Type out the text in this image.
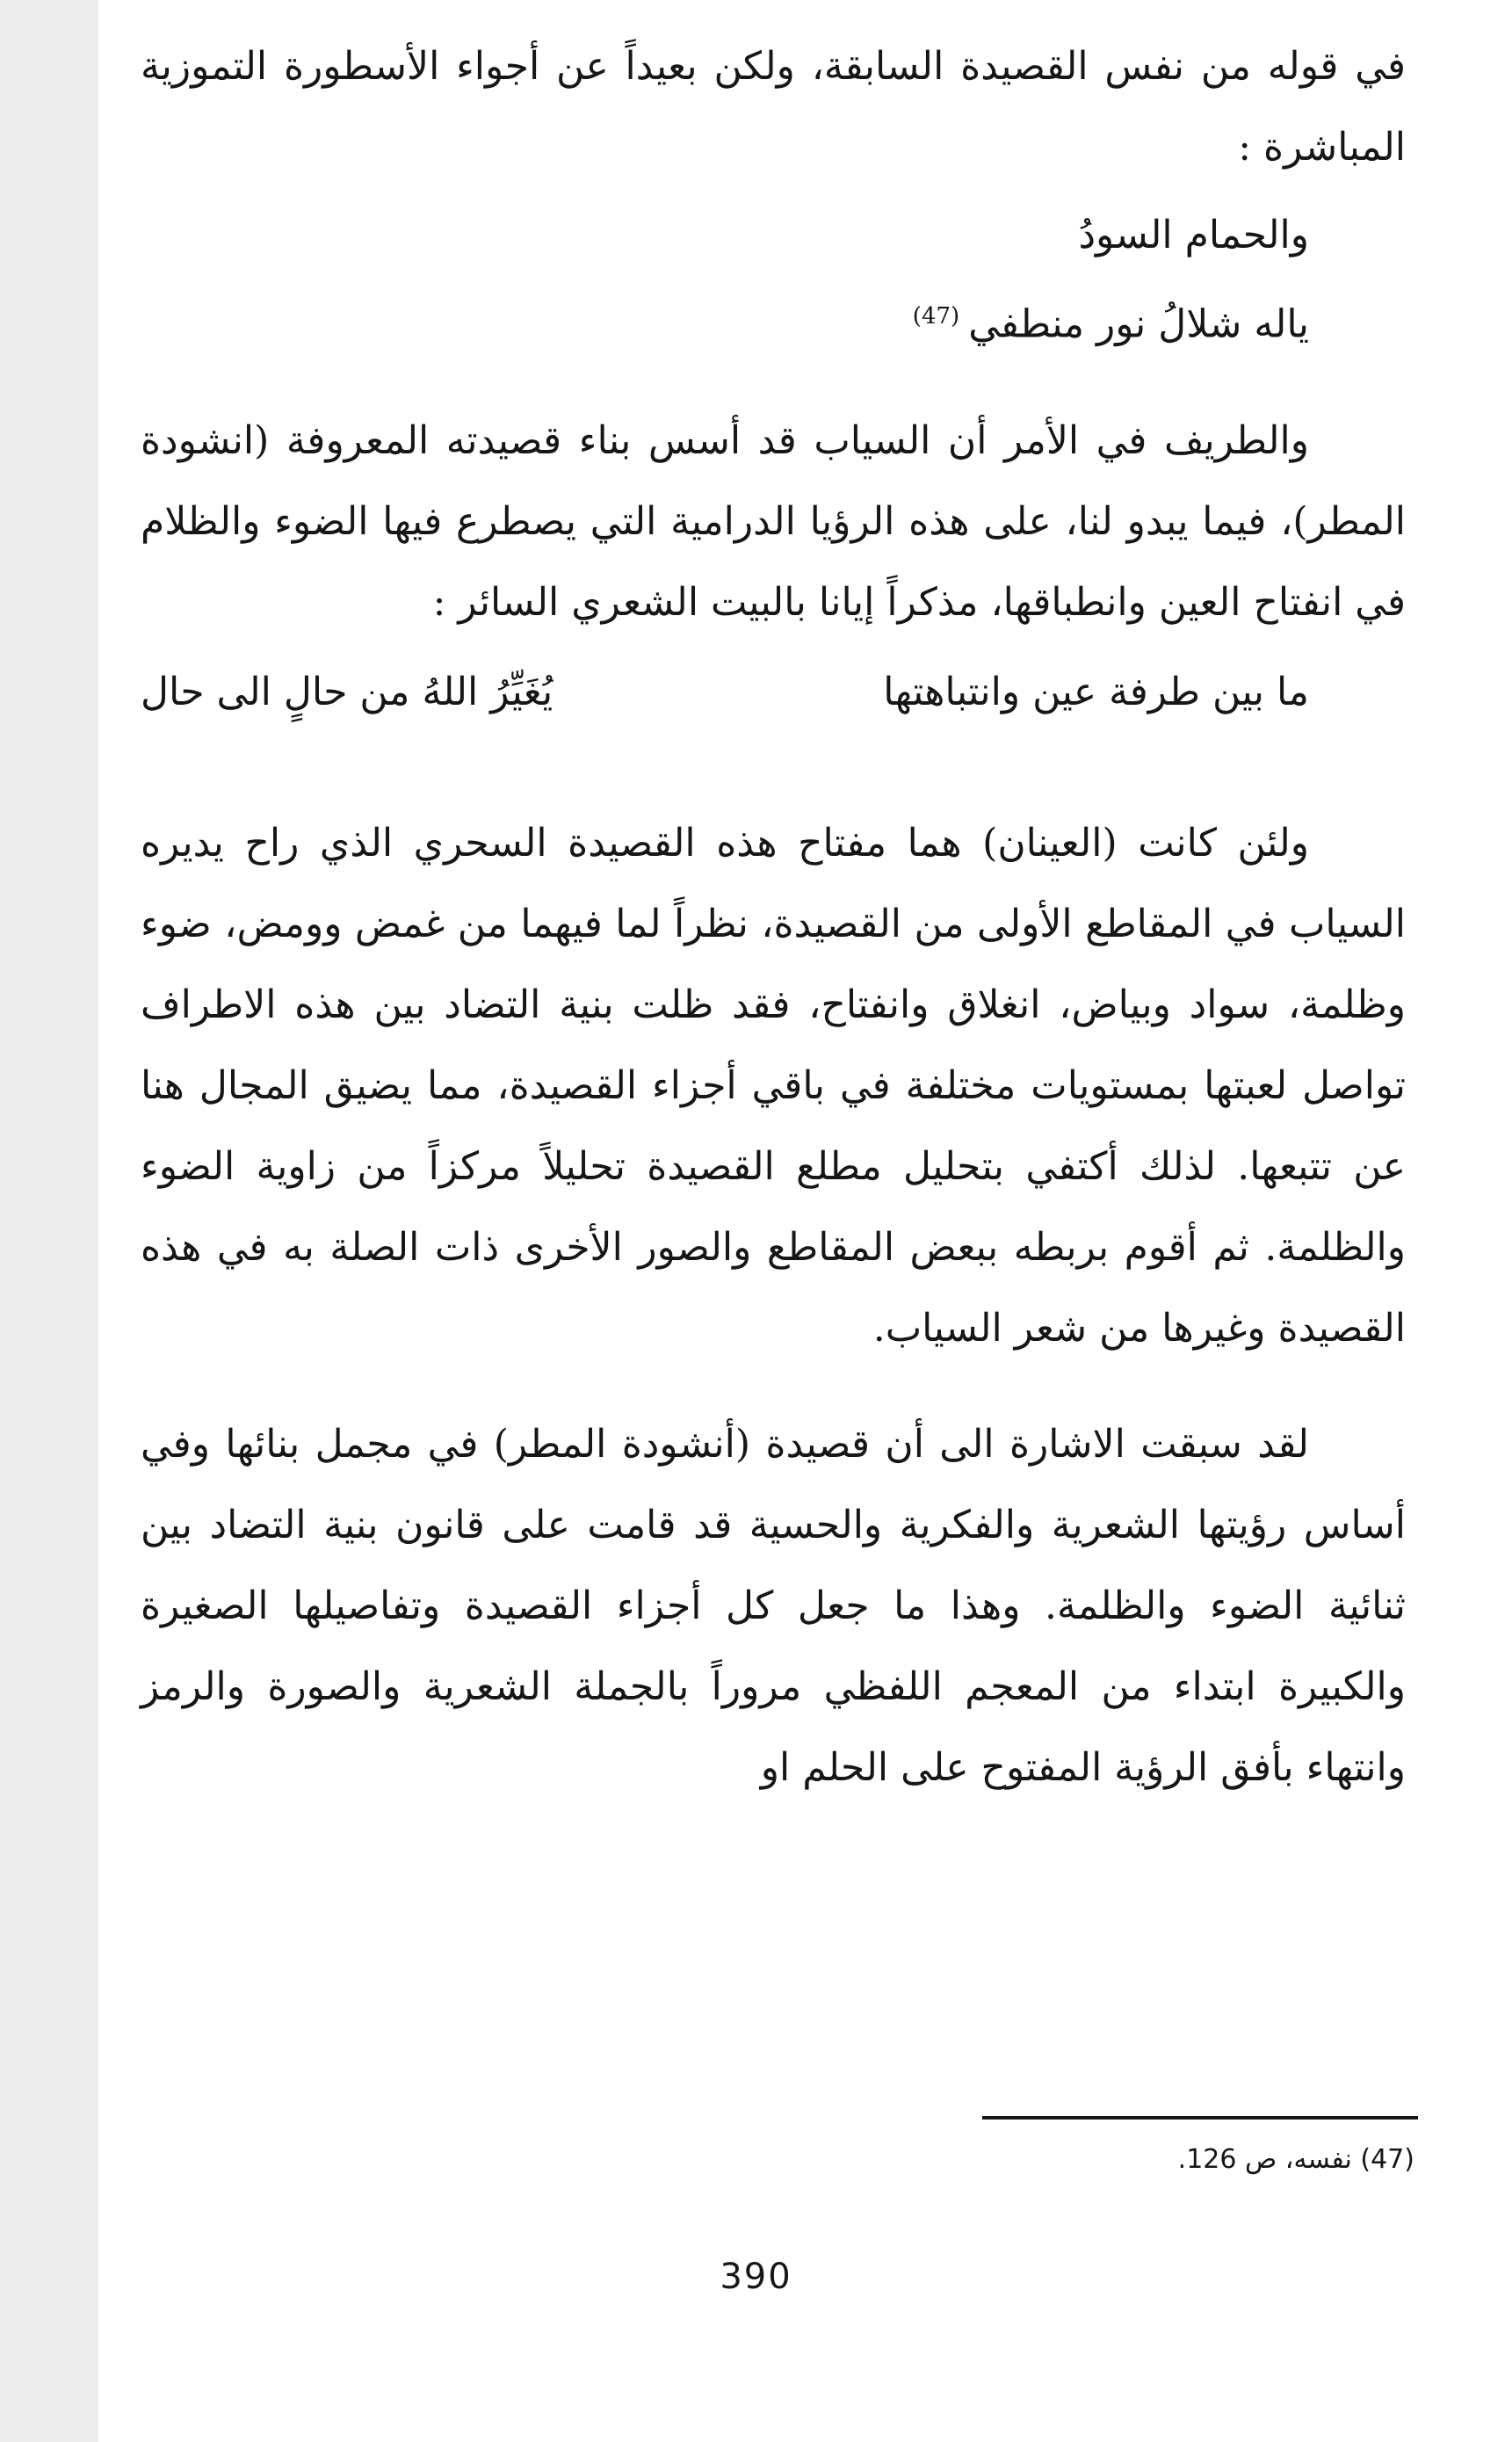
في قوله من نفس القصيدة السابقة، ولكن بعيداً عن أجواء الأسطورة التموزية المباشرة :

والحمام السودُ

ياله شلالُ نور منطفي$^{(47)}$

والطريف في الأمر أن السياب قد أسس بناء قصيدته المعروفة (انشودة المطر)، فيما يبدو لنا، على هذه الرؤيا الدرامية التي يصطرع فيها الضوء والظلام في انفتاح العين وانطباقها، مذكراً إيانا بالبيت الشعري السائر :

ما بين طرفة عين وانتباهتها
يُغَيِّرُ اللهُ من حالٍ الى حال

ولئن كانت (العينان) هما مفتاح هذه القصيدة السحري الذي راح يديره السياب في المقاطع الأولى من القصيدة، نظراً لما فيهما من غمض وومض، ضوء وظلمة، سواد وبياض، انغلاق وانفتاح، فقد ظلت بنية التضاد بين هذه الاطراف تواصل لعبتها بمستويات مختلفة في باقي أجزاء القصيدة، مما يضيق المجال هنا عن تتبعها. لذلك أكتفي بتحليل مطلع القصيدة تحليلاً مركزاً من زاوية الضوء والظلمة. ثم أقوم بربطه ببعض المقاطع والصور الأخرى ذات الصلة به في هذه القصيدة وغيرها من شعر السياب.

لقد سبقت الاشارة الى أن قصيدة (أنشودة المطر) في مجمل بنائها وفي أساس رؤيتها الشعرية والفكرية والحسية قد قامت على قانون بنية التضاد بين ثنائية الضوء والظلمة. وهذا ما جعل كل أجزاء القصيدة وتفاصيلها الصغيرة والكبيرة ابتداء من المعجم اللفظي مروراً بالجملة الشعرية والصورة والرمز وانتهاء بأفق الرؤية المفتوح على الحلم او

(47) نفسه، ص 126.
390
